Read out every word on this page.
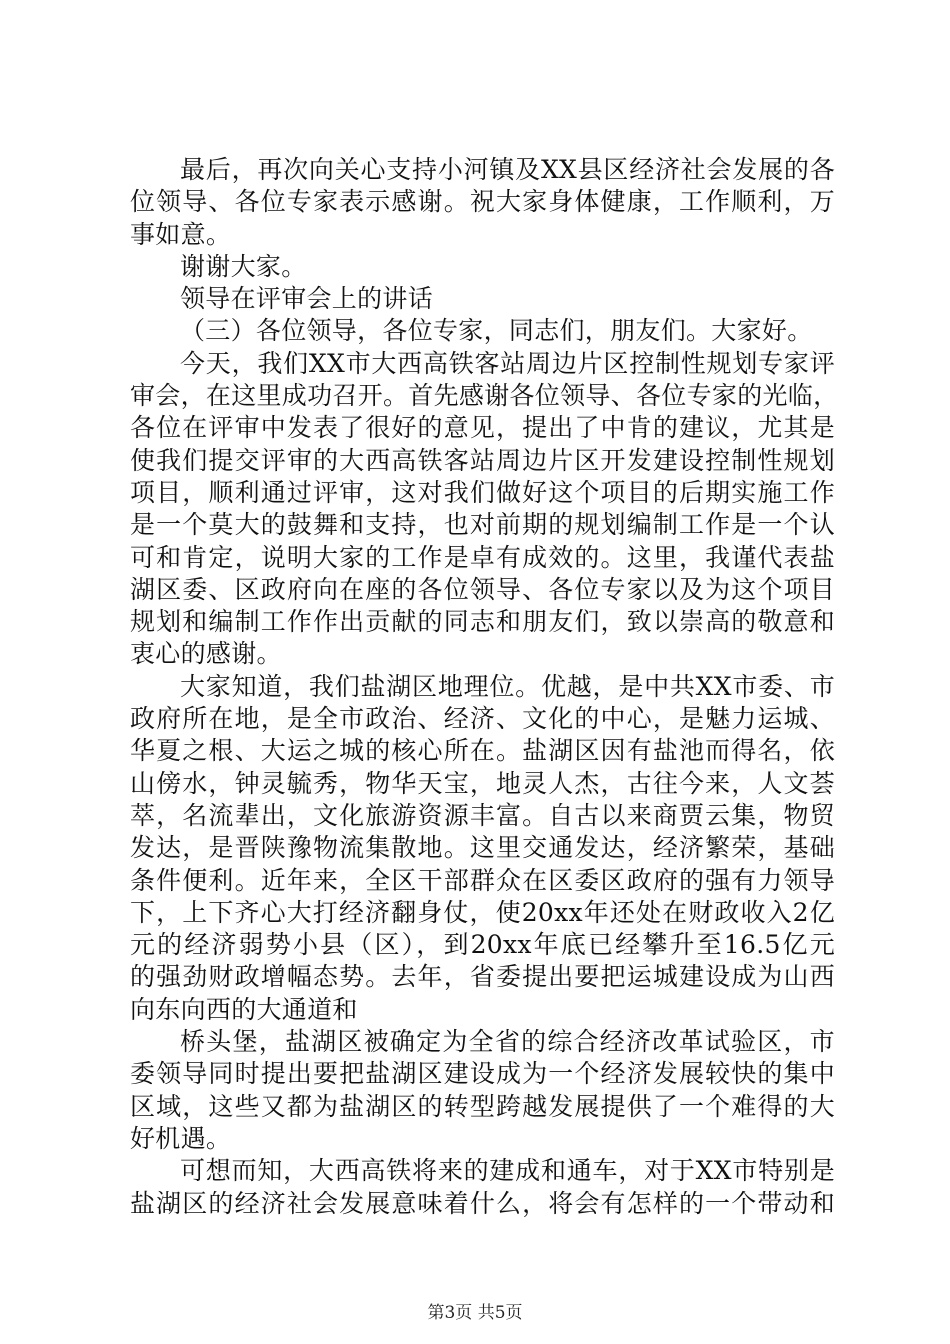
最后，再次向关心支持小河镇及XX县区经济社会发展的各
位领导、各位专家表示感谢。祝大家身体健康，工作顺利，万
事如意。
谢谢大家。
领导在评审会上的讲话
（三）各位领导，各位专家，同志们，朋友们。大家好。
今天，我们XX市大西高铁客站周边片区控制性规划专家评
审会，在这里成功召开。首先感谢各位领导、各位专家的光临，
各位在评审中发表了很好的意见，提出了中肯的建议，尤其是
使我们提交评审的大西高铁客站周边片区开发建设控制性规划
项目，顺利通过评审，这对我们做好这个项目的后期实施工作
是一个莫大的鼓舞和支持，也对前期的规划编制工作是一个认
可和肯定，说明大家的工作是卓有成效的。这里，我谨代表盐
湖区委、区政府向在座的各位领导、各位专家以及为这个项目
规划和编制工作作出贡献的同志和朋友们，致以崇高的敬意和
衷心的感谢。
大家知道，我们盐湖区地理位。优越，是中共XX市委、市
政府所在地，是全市政治、经济、文化的中心，是魅力运城、
华夏之根、大运之城的核心所在。盐湖区因有盐池而得名，依
山傍水，钟灵毓秀，物华天宝，地灵人杰，古往今来，人文荟
萃，名流辈出，文化旅游资源丰富。自古以来商贾云集，物贸
发达，是晋陕豫物流集散地。这里交通发达，经济繁荣，基础
条件便利。近年来，全区干部群众在区委区政府的强有力领导
下，上下齐心大打经济翻身仗，使20xx年还处在财政收入2亿
元的经济弱势小县（区），到20xx年底已经攀升至16.5亿元
的强劲财政增幅态势。去年，省委提出要把运城建设成为山西
向东向西的大通道和
桥头堡，盐湖区被确定为全省的综合经济改革试验区，市
委领导同时提出要把盐湖区建设成为一个经济发展较快的集中
区域，这些又都为盐湖区的转型跨越发展提供了一个难得的大
好机遇。
可想而知，大西高铁将来的建成和通车，对于XX市特别是
盐湖区的经济社会发展意味着什么，将会有怎样的一个带动和
第3页 共5页
